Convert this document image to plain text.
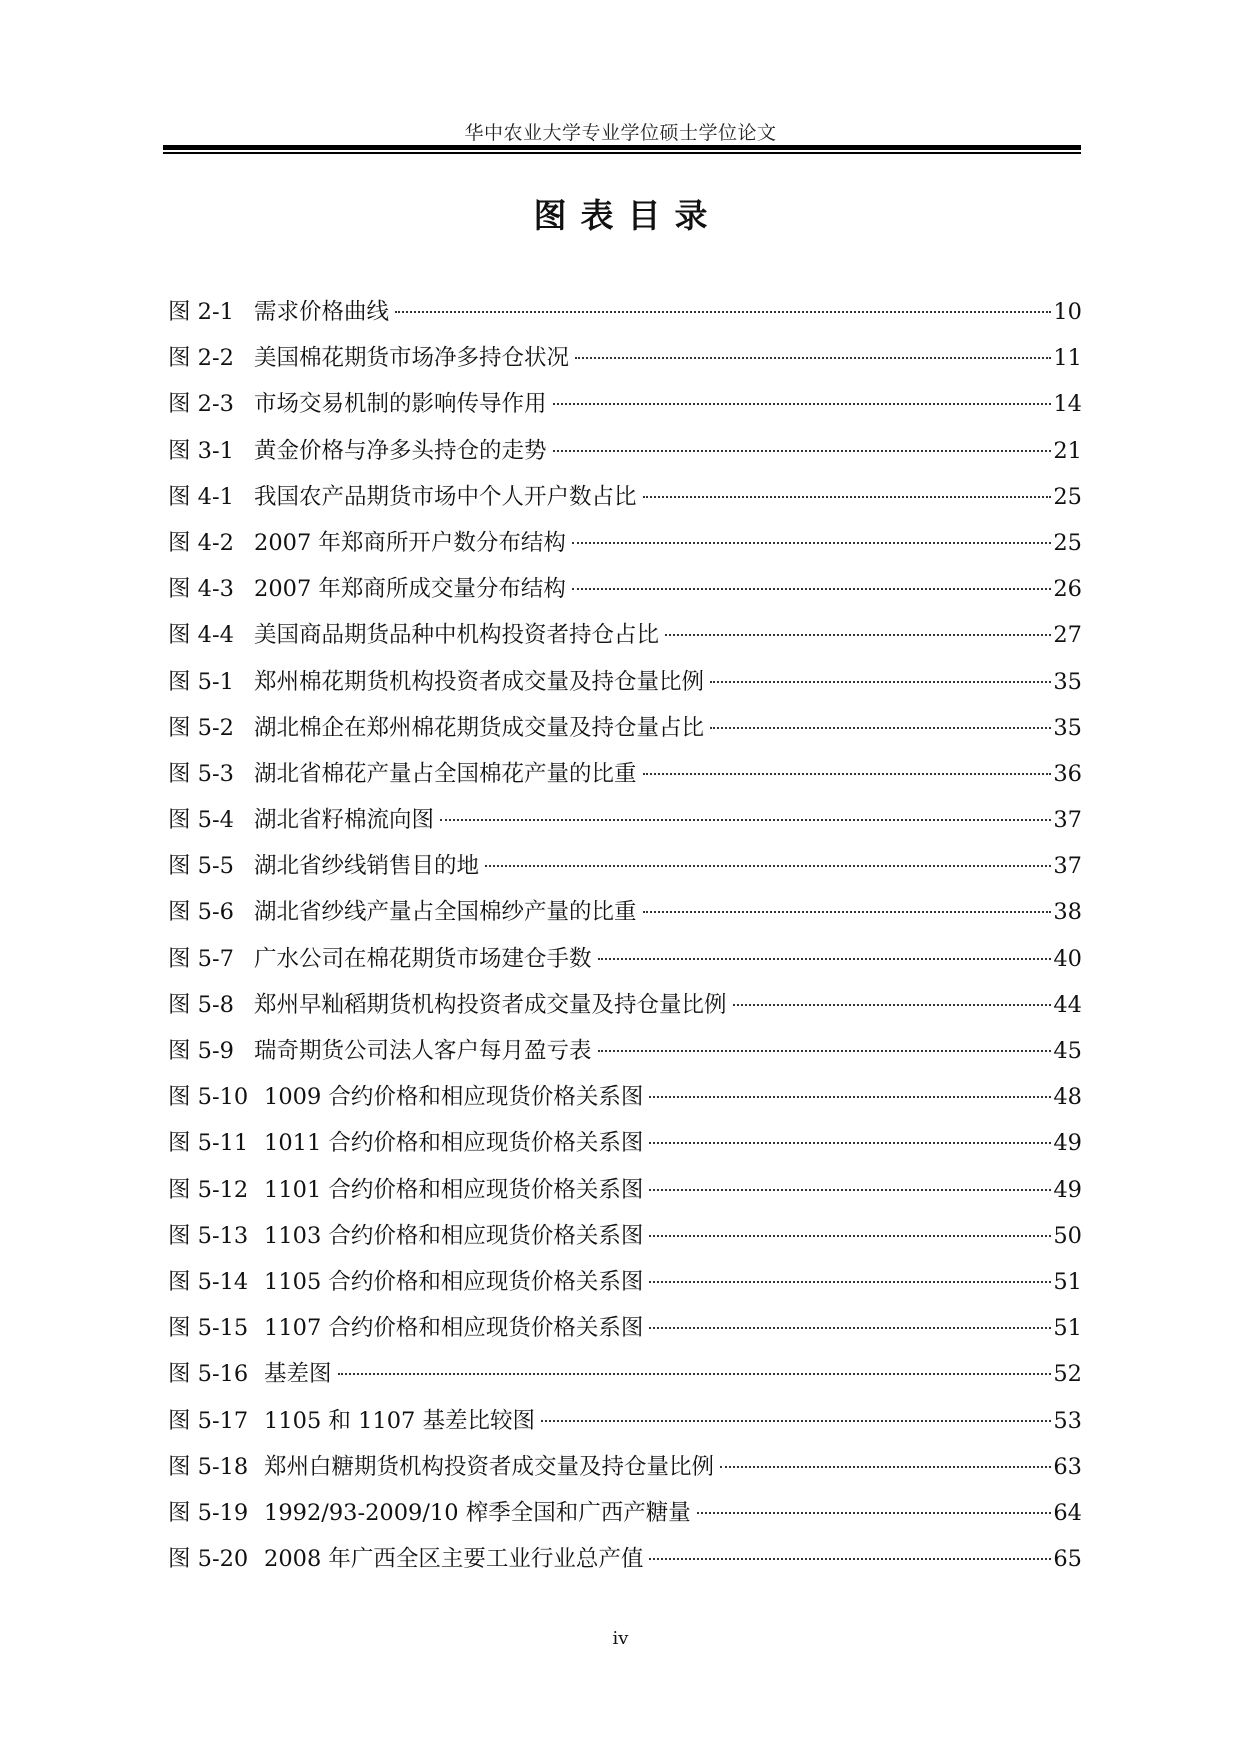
华中农业大学专业学位硕士学位论文
图表目录
图 2-1 需求价格曲线	10
图 2-2 美国棉花期货市场净多持仓状况	11
图 2-3 市场交易机制的影响传导作用	14
图 3-1 黄金价格与净多头持仓的走势	21
图 4-1 我国农产品期货市场中个人开户数占比	25
图 4-2 2007 年郑商所开户数分布结构	25
图 4-3 2007 年郑商所成交量分布结构	26
图 4-4 美国商品期货品种中机构投资者持仓占比	27
图 5-1 郑州棉花期货机构投资者成交量及持仓量比例	35
图 5-2 湖北棉企在郑州棉花期货成交量及持仓量占比	35
图 5-3 湖北省棉花产量占全国棉花产量的比重	36
图 5-4 湖北省籽棉流向图	37
图 5-5 湖北省纱线销售目的地	37
图 5-6 湖北省纱线产量占全国棉纱产量的比重	38
图 5-7 广水公司在棉花期货市场建仓手数	40
图 5-8 郑州早籼稻期货机构投资者成交量及持仓量比例	44
图 5-9 瑞奇期货公司法人客户每月盈亏表	45
图 5-10 1009 合约价格和相应现货价格关系图	48
图 5-11 1011 合约价格和相应现货价格关系图	49
图 5-12 1101 合约价格和相应现货价格关系图	49
图 5-13 1103 合约价格和相应现货价格关系图	50
图 5-14 1105 合约价格和相应现货价格关系图	51
图 5-15 1107 合约价格和相应现货价格关系图	51
图 5-16 基差图	52
图 5-17 1105 和 1107 基差比较图	53
图 5-18 郑州白糖期货机构投资者成交量及持仓量比例	63
图 5-19 1992/93-2009/10 榨季全国和广西产糖量	64
图 5-20 2008 年广西全区主要工业行业总产值	65
iv
